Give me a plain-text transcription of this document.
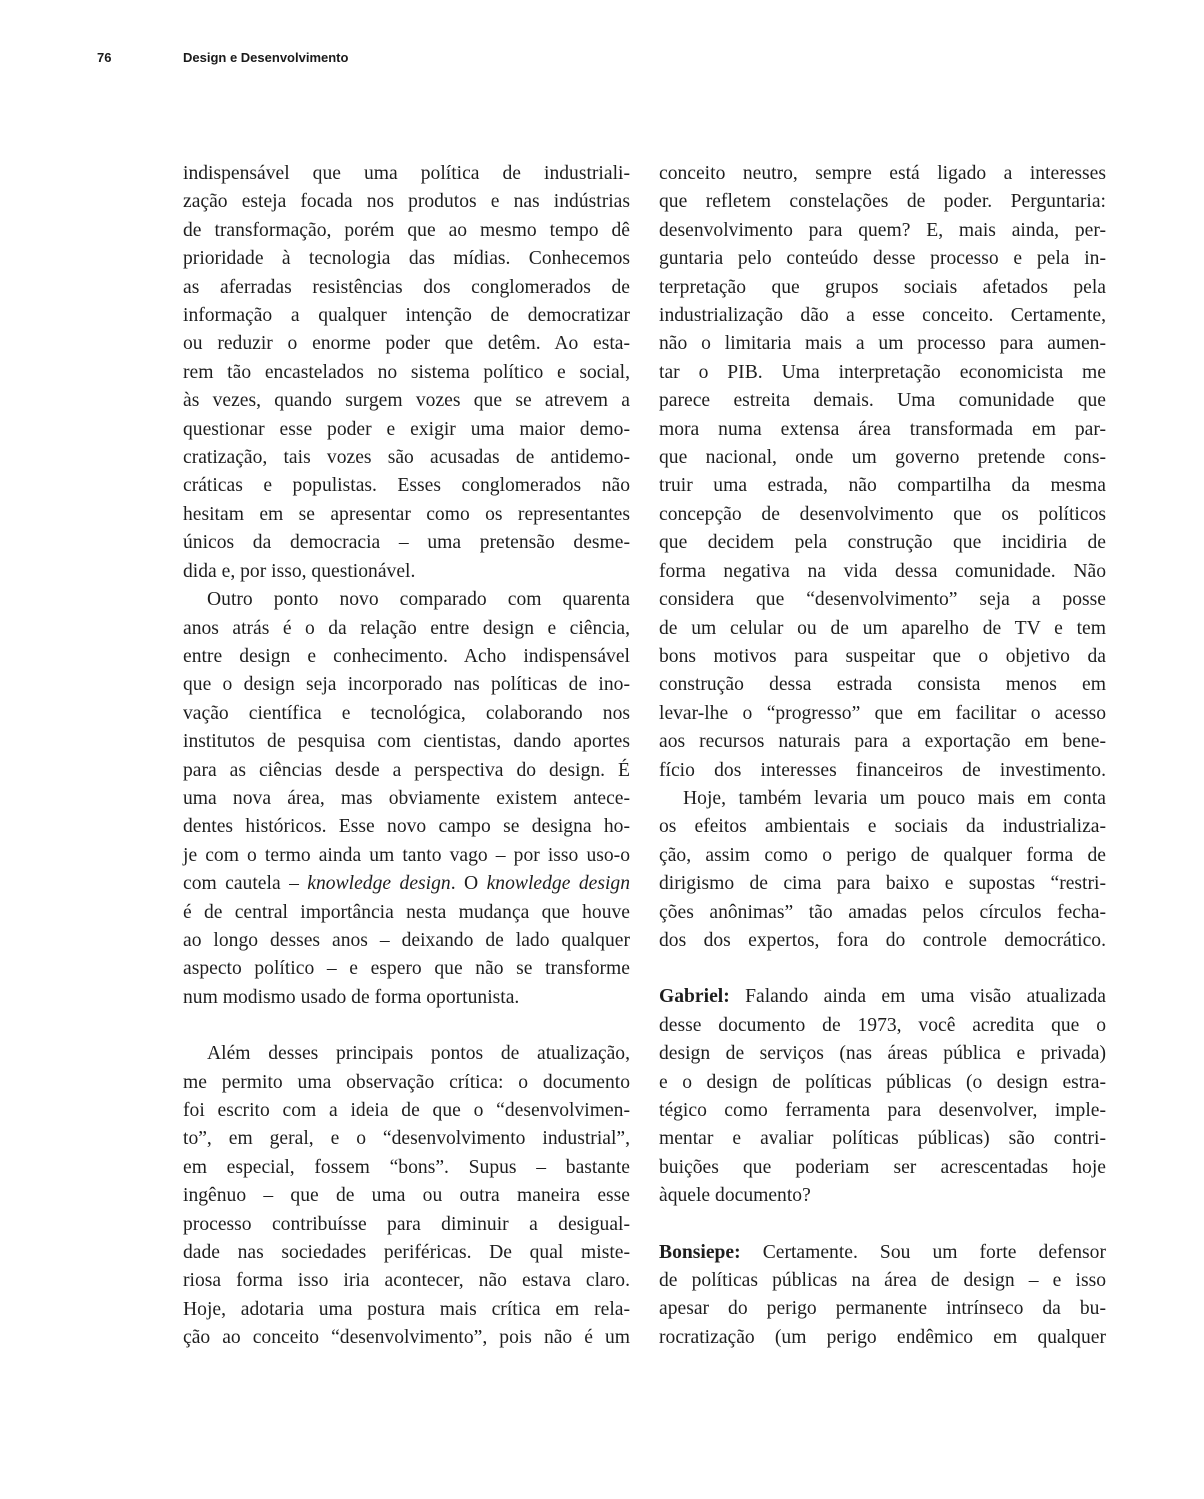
76	Design e Desenvolvimento
indispensável que uma política de industriali-
zação esteja focada nos produtos e nas indústrias
de transformação, porém que ao mesmo tempo dê
prioridade à tecnologia das mídias. Conhecemos
as aferradas resistências dos conglomerados de
informação a qualquer intenção de democratizar
ou reduzir o enorme poder que detêm. Ao esta-
rem tão encastelados no sistema político e social,
às vezes, quando surgem vozes que se atrevem a
questionar esse poder e exigir uma maior demo-
cratização, tais vozes são acusadas de antidemo-
cráticas e populistas. Esses conglomerados não
hesitam em se apresentar como os representantes
únicos da democracia – uma pretensão desme-
dida e, por isso, questionável.
Outro ponto novo comparado com quarenta
anos atrás é o da relação entre design e ciência,
entre design e conhecimento. Acho indispensável
que o design seja incorporado nas políticas de ino-
vação científica e tecnológica, colaborando nos
institutos de pesquisa com cientistas, dando aportes
para as ciências desde a perspectiva do design. É
uma nova área, mas obviamente existem antece-
dentes históricos. Esse novo campo se designa ho-
je com o termo ainda um tanto vago – por isso uso-o
com cautela – knowledge design. O knowledge design
é de central importância nesta mudança que houve
ao longo desses anos – deixando de lado qualquer
aspecto político – e espero que não se transforme
num modismo usado de forma oportunista.
Além desses principais pontos de atualização,
me permito uma observação crítica: o documento
foi escrito com a ideia de que o “desenvolvimen-
to”, em geral, e o “desenvolvimento industrial”,
em especial, fossem “bons”. Supus – bastante
ingênuo – que de uma ou outra maneira esse
processo contribuísse para diminuir a desigual-
dade nas sociedades periféricas. De qual miste-
riosa forma isso iria acontecer, não estava claro.
Hoje, adotaria uma postura mais crítica em rela-
ção ao conceito “desenvolvimento”, pois não é um
conceito neutro, sempre está ligado a interesses
que refletem constelações de poder. Perguntaria:
desenvolvimento para quem? E, mais ainda, per-
guntaria pelo conteúdo desse processo e pela in-
terpretação que grupos sociais afetados pela
industrialização dão a esse conceito. Certamente,
não o limitaria mais a um processo para aumen-
tar o PIB. Uma interpretação economicista me
parece estreita demais. Uma comunidade que
mora numa extensa área transformada em par-
que nacional, onde um governo pretende cons-
truir uma estrada, não compartilha da mesma
concepção de desenvolvimento que os políticos
que decidem pela construção que incidiria de
forma negativa na vida dessa comunidade. Não
considera que “desenvolvimento” seja a posse
de um celular ou de um aparelho de TV e tem
bons motivos para suspeitar que o objetivo da
construção dessa estrada consista menos em
levar-lhe o “progresso” que em facilitar o acesso
aos recursos naturais para a exportação em bene-
fício dos interesses financeiros de investimento.
Hoje, também levaria um pouco mais em conta
os efeitos ambientais e sociais da industrializa-
ção, assim como o perigo de qualquer forma de
dirigismo de cima para baixo e supostas “restri-
ções anônimas” tão amadas pelos círculos fecha-
dos dos expertos, fora do controle democrático.
Gabriel: Falando ainda em uma visão atualizada
desse documento de 1973, você acredita que o
design de serviços (nas áreas pública e privada)
e o design de políticas públicas (o design estra-
tégico como ferramenta para desenvolver, imple-
mentar e avaliar políticas públicas) são contri-
buições que poderiam ser acrescentadas hoje
àquele documento?
Bonsiepe: Certamente. Sou um forte defensor
de políticas públicas na área de design – e isso
apesar do perigo permanente intrínseco da bu-
rocratização (um perigo endêmico em qualquer
